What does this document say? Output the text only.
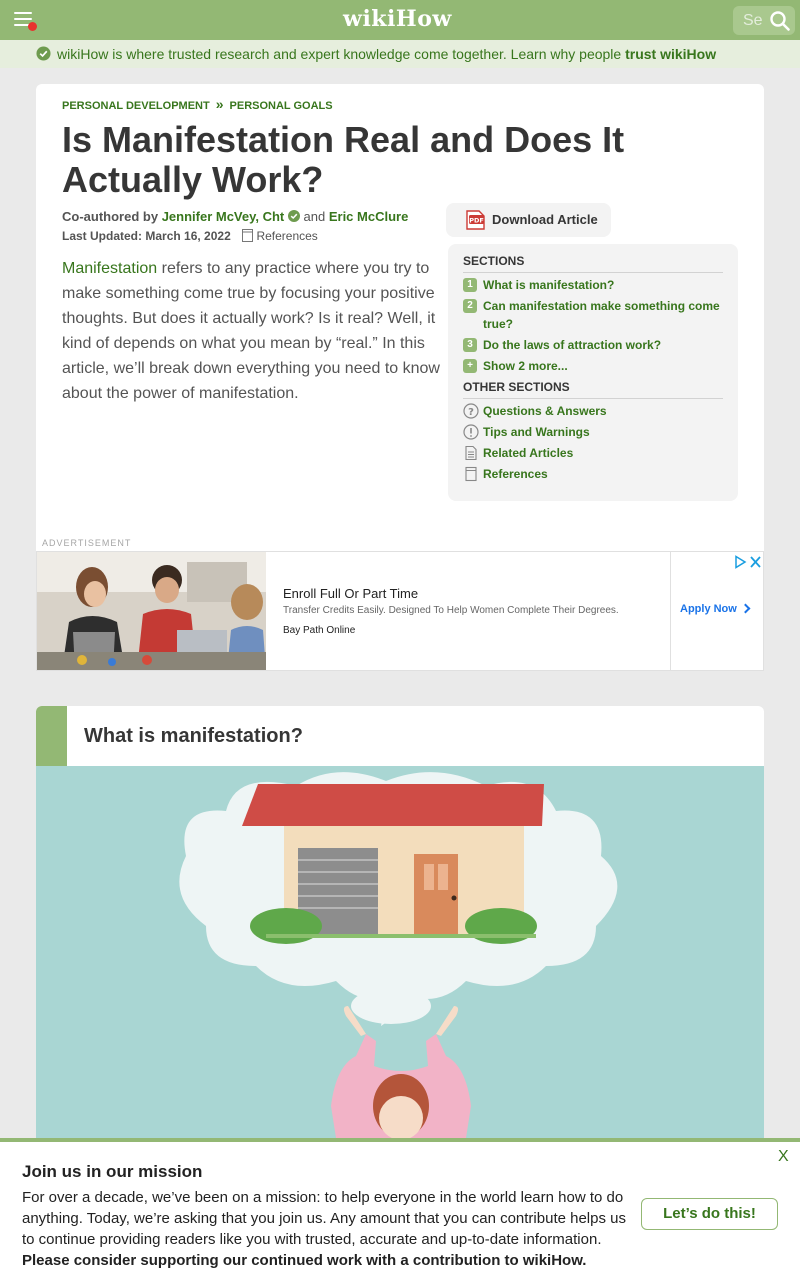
wikiHow	Se
wikiHow is where trusted research and expert knowledge come together. Learn why people trust wikiHow
PERSONAL DEVELOPMENT » PERSONAL GOALS
Is Manifestation Real and Does It Actually Work?
Co-authored by Jennifer McVey, Cht and Eric McClure
Last Updated: March 16, 2022 References

Manifestation refers to any practice where you try to make something come true by focusing your positive thoughts. But does it actually work? Is it real? Well, it kind of depends on what you mean by “real.” In this article, we’ll break down everything you need to know about the power of manifestation.

PDF Download Article
SECTIONS
1 What is manifestation?
2 Can manifestation make something come true?
3 Do the laws of attraction work?
+ Show 2 more...
OTHER SECTIONS
? Questions & Answers
Tips and Warnings
Related Articles
References
ADVERTISEMENT
Enroll Full Or Part Time
Transfer Credits Easily. Designed To Help Women Complete Their Degrees.
Bay Path Online
Apply Now
What is manifestation?
X
Join us in our mission

For over a decade, we’ve been on a mission: to help everyone in the world learn how to do anything. Today, we’re asking that you join us. Any amount that you can contribute helps us to continue providing readers like you with trusted, accurate and up-to-date information.
Please consider supporting our continued work with a contribution to wikiHow.

Let’s do this!
